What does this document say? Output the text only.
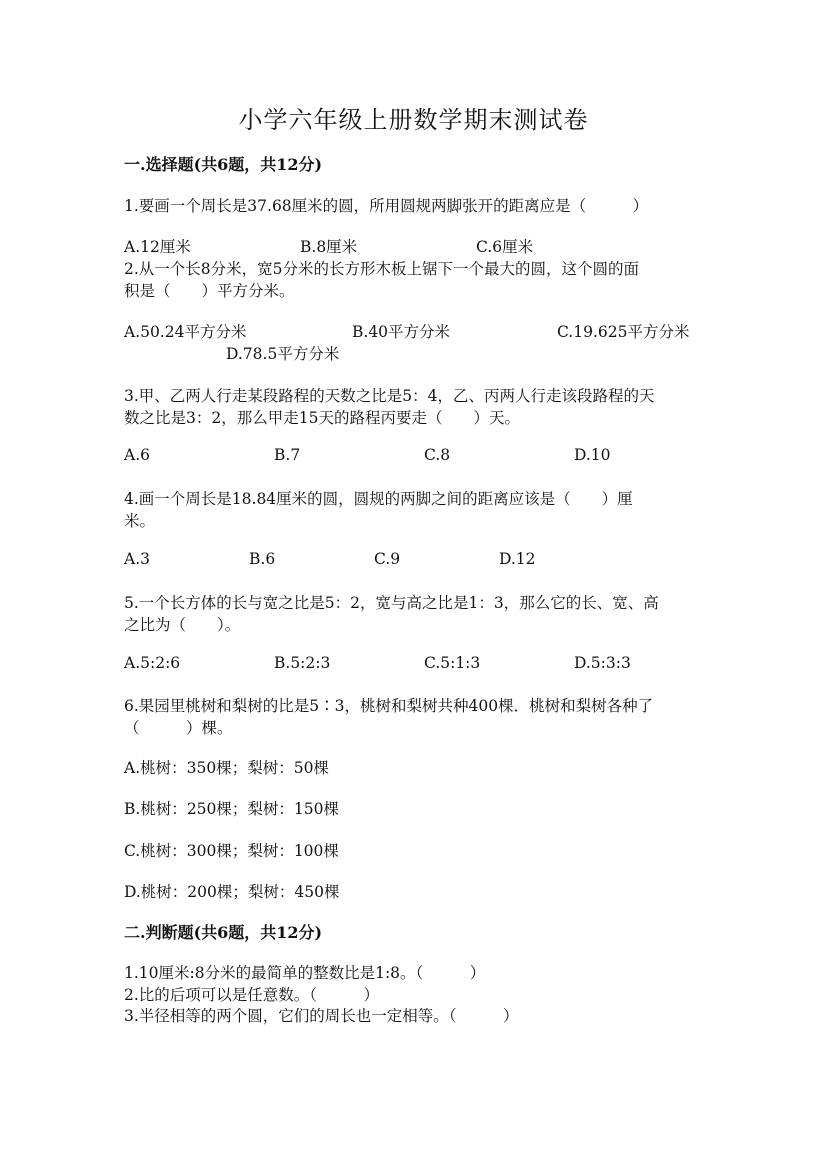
小学六年级上册数学期末测试卷
一.选择题(共6题，共12分)
1.要画一个周长是37.68厘米的圆，所用圆规两脚张开的距离应是（　　　）
A.12厘米	B.8厘米	C.6厘米
2.从一个长8分米，宽5分米的长方形木板上锯下一个最大的圆，这个圆的面
积是（　　）平方分米。
A.50.24平方分米	B.40平方分米	C.19.625平方分米
D.78.5平方分米
3.甲、乙两人行走某段路程的天数之比是5：4，乙、丙两人行走该段路程的天
数之比是3：2，那么甲走15天的路程丙要走（　　）天。
A.6	B.7	C.8	D.10
4.画一个周长是18.84厘米的圆，圆规的两脚之间的距离应该是（　　）厘
米。
A.3	B.6	C.9	D.12
5.一个长方体的长与宽之比是5：2，宽与高之比是1：3，那么它的长、宽、高
之比为（　　）。
A.5:2:6	B.5:2:3	C.5:1:3	D.5:3:3
6.果园里桃树和梨树的比是5∶3，桃树和梨树共种400棵．桃树和梨树各种了
（　　　）棵。
A.桃树：350棵；梨树：50棵
B.桃树：250棵；梨树：150棵
C.桃树：300棵；梨树：100棵
D.桃树：200棵；梨树：450棵
二.判断题(共6题，共12分)
1.10厘米:8分米的最简单的整数比是1:8。（　　　）
2.比的后项可以是任意数。（　　　）
3.半径相等的两个圆，它们的周长也一定相等。（　　　）
